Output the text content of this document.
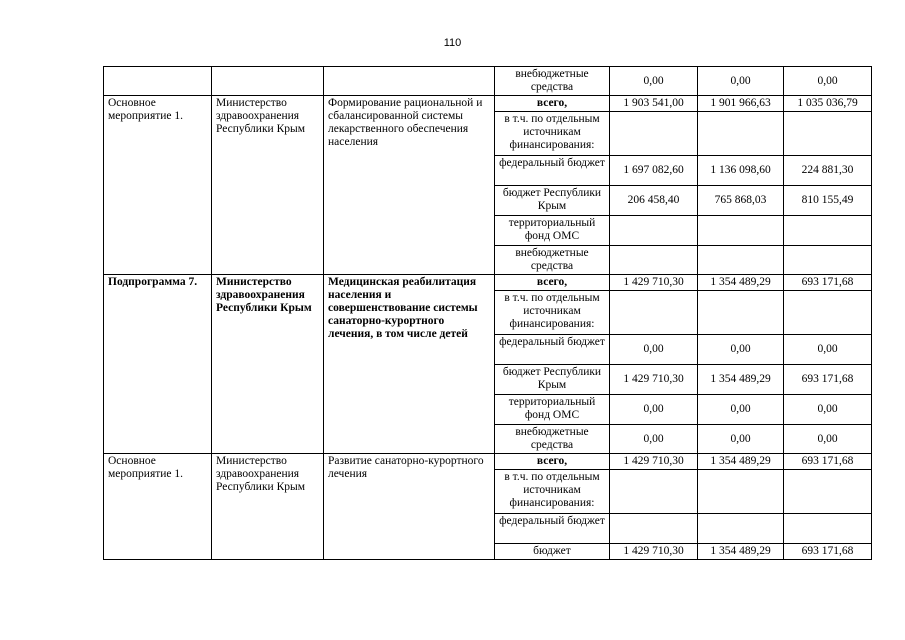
110
			внебюджетные средства	0,00	0,00	0,00
Основное мероприятие 1.	Министерство здравоохранения Республики Крым	Формирование рациональной и сбалансированной системы лекарственного обеспечения населения	всего,	1 903 541,00	1 901 966,63	1 035 036,79
			в т.ч. по отдельным источникам финансирования:			
			федеральный бюджет	1 697 082,60	1 136 098,60	224 881,30
			бюджет Республики Крым	206 458,40	765 868,03	810 155,49
			территориальный фонд ОМС			
			внебюджетные средства			
Подпрограмма 7.	Министерство здравоохранения Республики Крым	Медицинская реабилитация населения и совершенствование системы санаторно-курортного лечения, в том числе детей	всего,	1 429 710,30	1 354 489,29	693 171,68
			в т.ч. по отдельным источникам финансирования:			
			федеральный бюджет	0,00	0,00	0,00
			бюджет Республики Крым	1 429 710,30	1 354 489,29	693 171,68
			территориальный фонд ОМС	0,00	0,00	0,00
			внебюджетные средства	0,00	0,00	0,00
Основное мероприятие 1.	Министерство здравоохранения Республики Крым	Развитие санаторно-курортного лечения	всего,	1 429 710,30	1 354 489,29	693 171,68
			в т.ч. по отдельным источникам финансирования:			
			федеральный бюджет			
			бюджет	1 429 710,30	1 354 489,29	693 171,68
